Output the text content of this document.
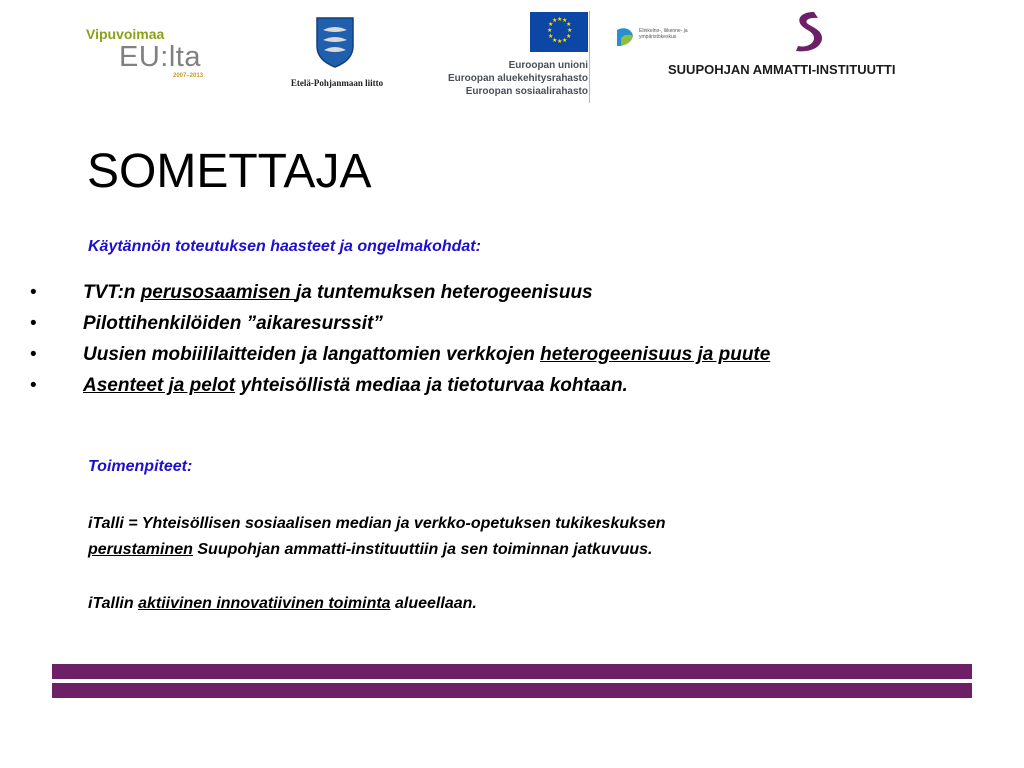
Vipuvoimaa
EU:lta
2007–2013
Etelä-Pohjanmaan liitto
★ ★
★
★
★
★
★
★
★
★
★
★
Euroopan unioni
Euroopan aluekehitysrahasto
Euroopan sosiaalirahasto
Elinkeino-, liikenne- ja
ympäristökeskus
SUUPOHJAN AMMATTI-INSTITUUTTI
SOMETTAJA
Käytännön toteutuksen haasteet ja ongelmakohdat:
• TVT:n perusosaamisen ja tuntemuksen heterogeenisuus
• Pilottihenkilöiden ”aikaresurssit”
• Uusien mobiililaitteiden ja langattomien verkkojen heterogeenisuus ja puute
• Asenteet ja pelot yhteisöllistä mediaa ja tietoturvaa kohtaan.
Toimenpiteet:
iTalli = Yhteisöllisen sosiaalisen median ja verkko-opetuksen tukikeskuksen
perustaminen Suupohjan ammatti-instituuttiin ja sen toiminnan jatkuvuus.
iTallin aktiivinen innovatiivinen toiminta alueellaan.
